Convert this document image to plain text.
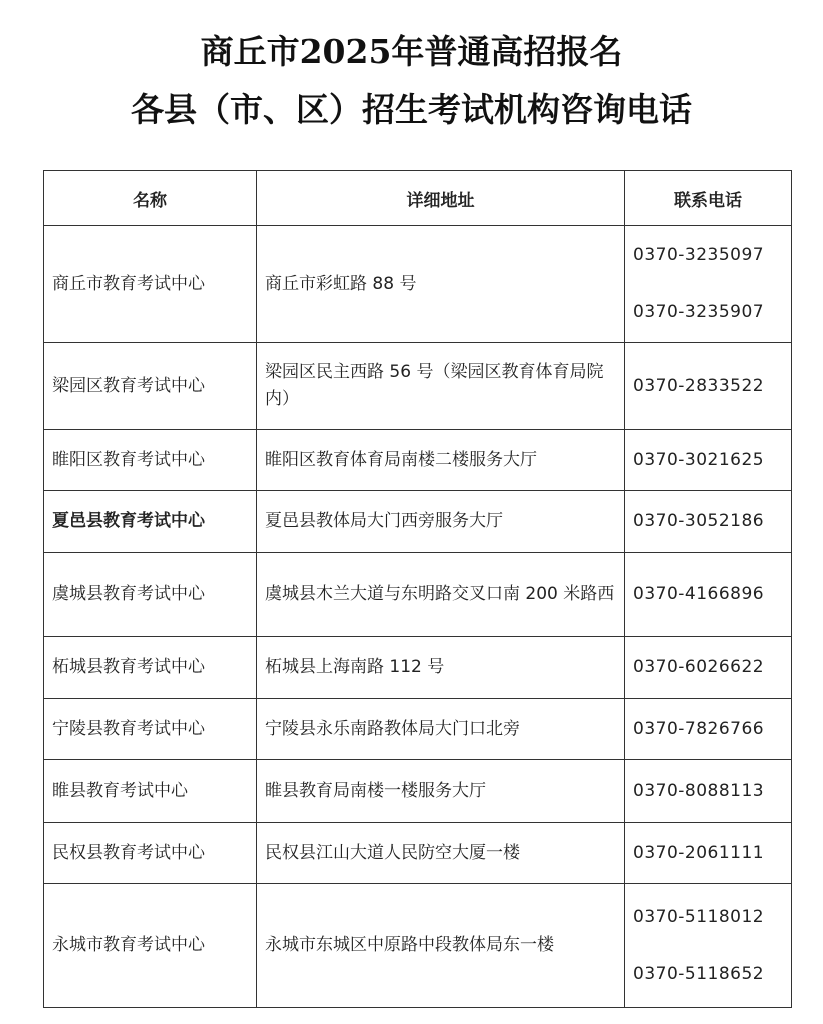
商丘市2025年普通高招报名
各县（市、区）招生考试机构咨询电话
名称	详细地址	联系电话
商丘市教育考试中心	商丘市彩虹路 88 号	0370-3235097
0370-3235907

梁园区教育考试中心	梁园区民主西路 56 号（梁园区教育体育局院内）	0370-2833522
睢阳区教育考试中心	睢阳区教育体育局南楼二楼服务大厅	0370-3021625
夏邑县教育考试中心	夏邑县教体局大门西旁服务大厅	0370-3052186
虞城县教育考试中心	虞城县木兰大道与东明路交叉口南 200 米路西	0370-4166896
柘城县教育考试中心	柘城县上海南路 112 号	0370-6026622
宁陵县教育考试中心	宁陵县永乐南路教体局大门口北旁	0370-7826766
睢县教育考试中心	睢县教育局南楼一楼服务大厅	0370-8088113
民权县教育考试中心	民权县江山大道人民防空大厦一楼	0370-2061111
永城市教育考试中心	永城市东城区中原路中段教体局东一楼	0370-5118012
0370-5118652
